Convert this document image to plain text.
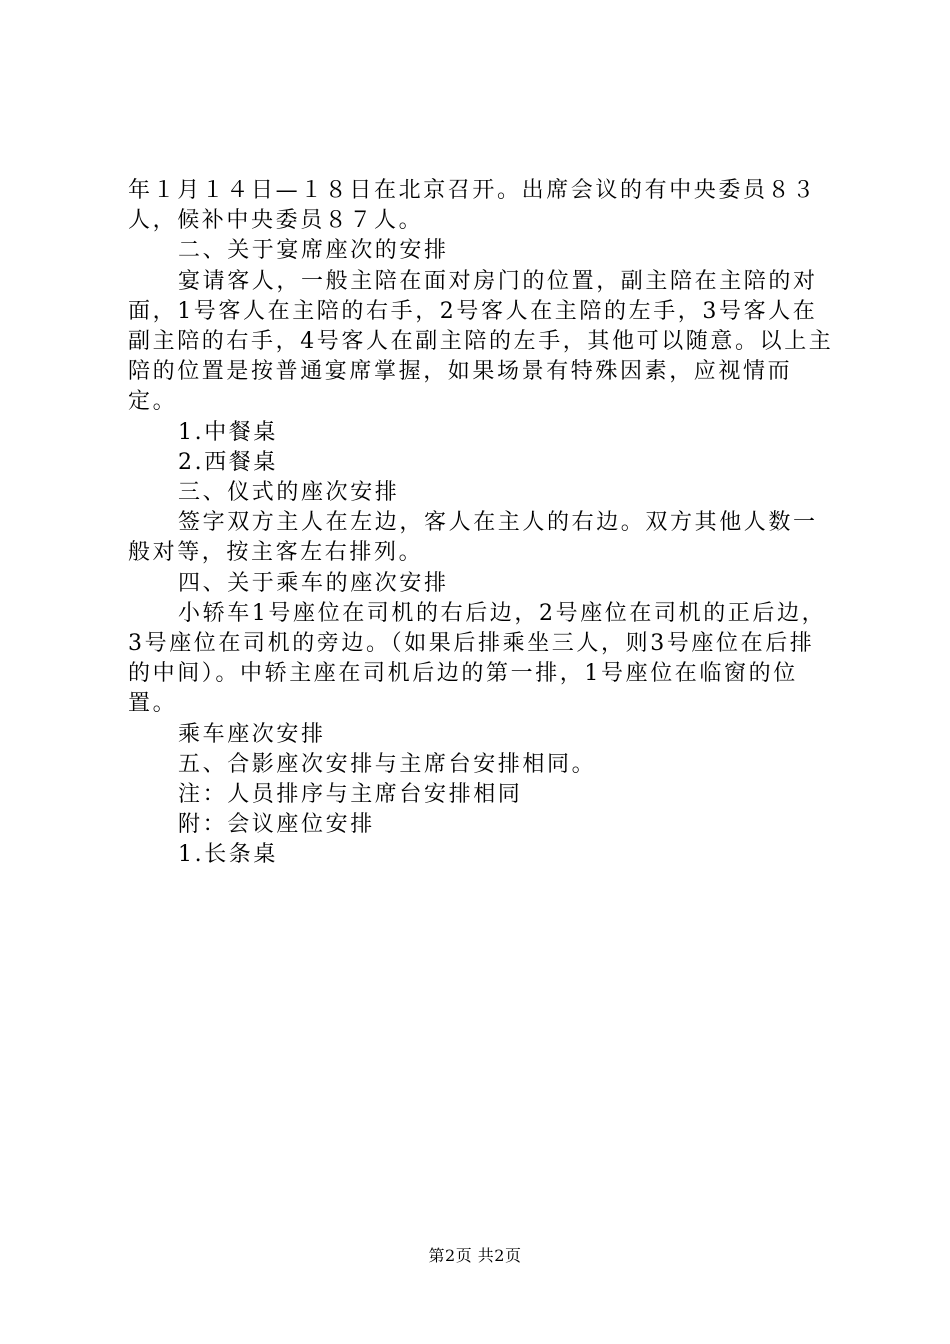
年１月１４日—１８日在北京召开。出席会议的有中央委员８３人，候补中央委员８７人。

二、关于宴席座次的安排

宴请客人，一般主陪在面对房门的位置，副主陪在主陪的对面，1号客人在主陪的右手，2号客人在主陪的左手，3号客人在副主陪的右手，4号客人在副主陪的左手，其他可以随意。以上主陪的位置是按普通宴席掌握，如果场景有特殊因素，应视情而定。

1.中餐桌

2.西餐桌

三、仪式的座次安排

签字双方主人在左边，客人在主人的右边。双方其他人数一般对等，按主客左右排列。

四、关于乘车的座次安排

小轿车1号座位在司机的右后边，2号座位在司机的正后边，3号座位在司机的旁边。（如果后排乘坐三人，则3号座位在后排的中间）。中轿主座在司机后边的第一排，1号座位在临窗的位置。

乘车座次安排

五、合影座次安排与主席台安排相同。

注：人员排序与主席台安排相同

附：会议座位安排

1.长条桌

第2页 共2页
